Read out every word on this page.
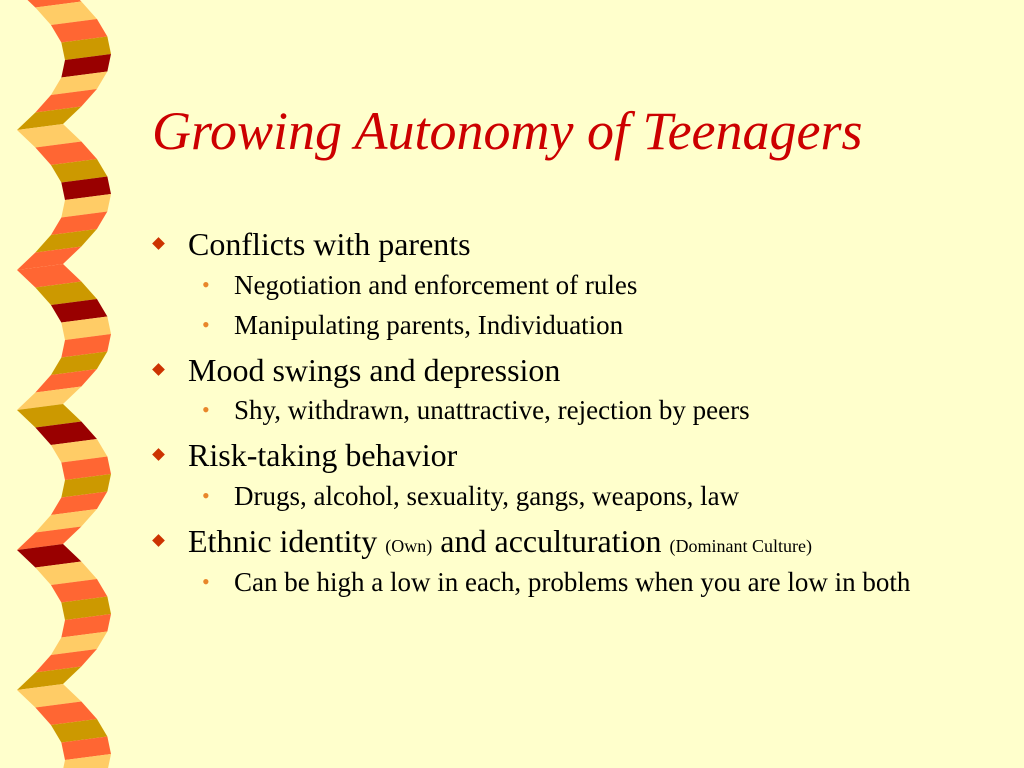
Growing Autonomy of Teenagers
Conflicts with parents
• Negotiation and enforcement of rules
• Manipulating parents, Individuation
Mood swings and depression
• Shy, withdrawn, unattractive, rejection by peers
Risk-taking behavior
• Drugs, alcohol, sexuality, gangs, weapons, law
Ethnic identity (Own) and acculturation (Dominant Culture)
• Can be high a low in each, problems when you are low in both
